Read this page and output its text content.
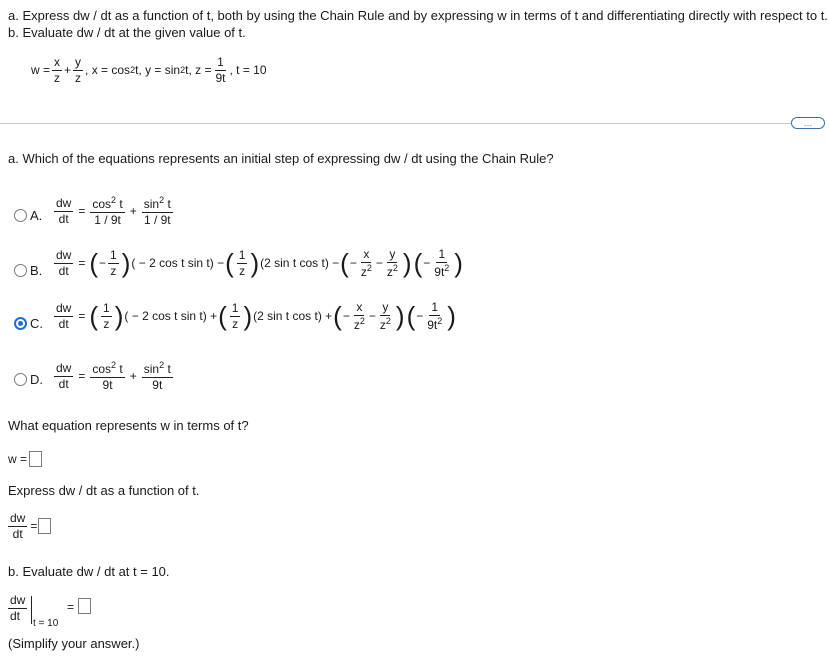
a. Express dw / dt as a function of t, both by using the Chain Rule and by expressing w in terms of t and differentiating directly with respect to t.
b. Evaluate dw / dt at the given value of t.
$w = \frac{x}{z} + \frac{y}{z}$ , x = cos 2 t, y = sin 2 t, $z = \frac{1}{9t}$ , t = 10
…
a. Which of the equations represents an initial step of expressing dw / dt using the Chain Rule?
A. $\frac{dw}{dt} = \frac{\cos^2 t}{1 / 9t} + \frac{\sin^2 t}{1 / 9t}$
B. $\frac{dw}{dt}$ = ( − $\frac{1}{z}$ ) ( − 2 cos t sin t) − ( $\frac{1}{z}$ ) (2 sin t cos t) − ( − $\frac{x}{z^2} - \frac{y}{z^2}$ ) ( − $\frac{1}{9t^2}$ )
C. $\frac{dw}{dt}$ = ( $\frac{1}{z}$ ) ( − 2 cos t sin t) + ( $\frac{1}{z}$ ) (2 sin t cos t) + ( − $\frac{x}{z^2} - \frac{y}{z^2}$ ) ( − $\frac{1}{9t^2}$ )
D. $\frac{dw}{dt} = \frac{\cos^2 t}{9t} + \frac{\sin^2 t}{9t}$
What equation represents w in terms of t?
w =
Express dw / dt as a function of t.
$\frac{dw}{dt}$ =
b. Evaluate dw / dt at t = 10.
dw
dt
t = 10
=
(Simplify your answer.)
